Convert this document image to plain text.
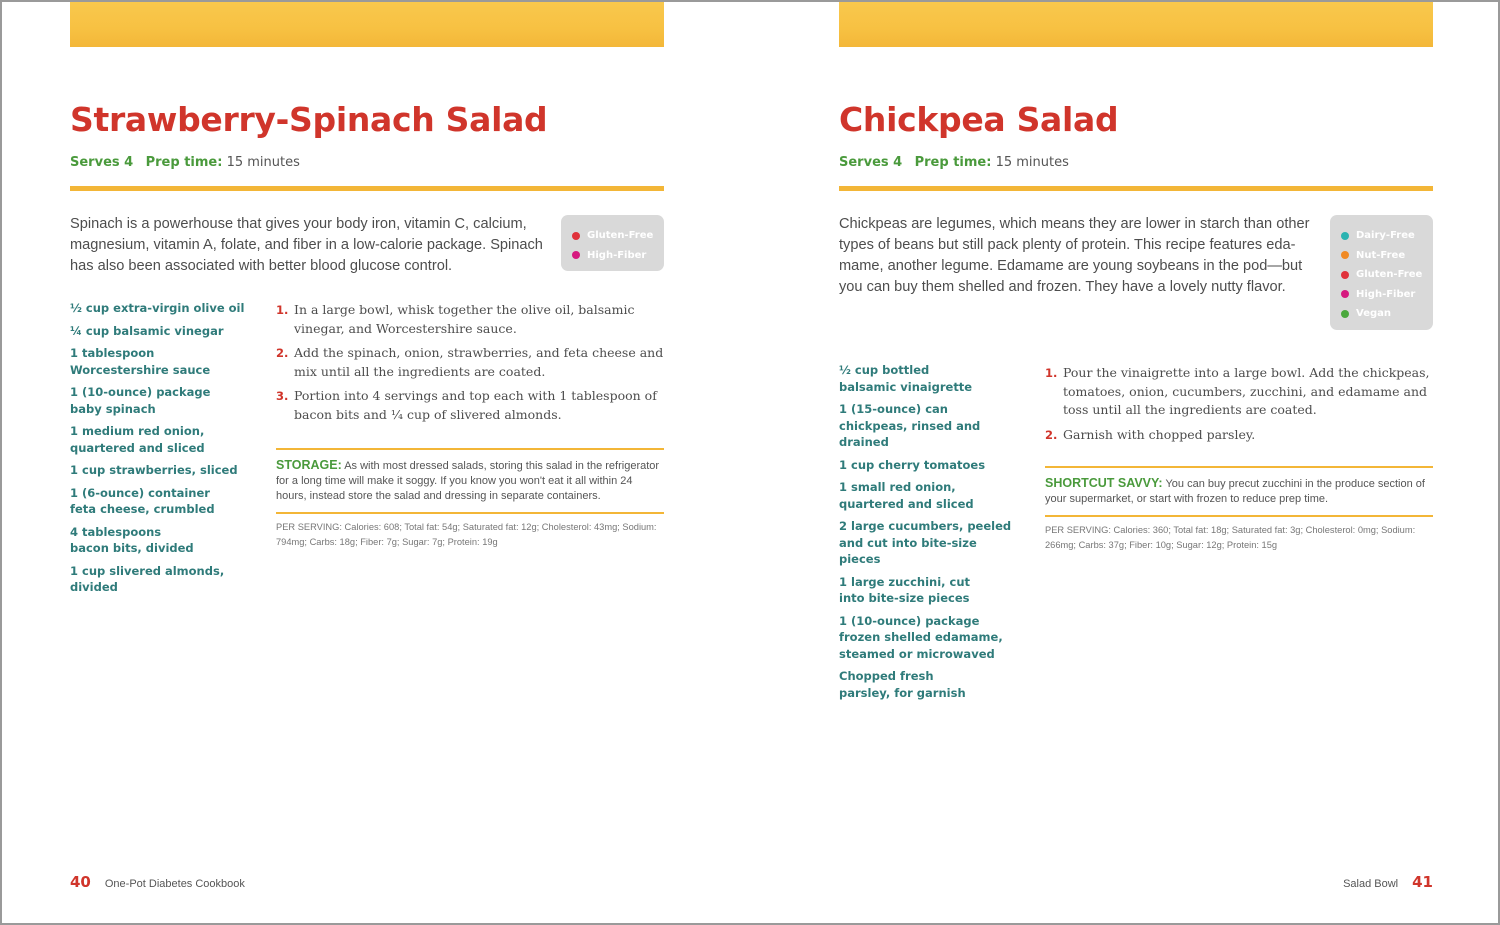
Strawberry-Spinach Salad
Serves 4 Prep time: 15 minutes
Spinach is a powerhouse that gives your body iron, vitamin C, calcium,
magnesium, vitamin A, folate, and fiber in a low-calorie package. Spinach
has also been associated with better blood glucose control.
Gluten-Free
High-Fiber
½ cup extra-virgin olive oil
¼ cup balsamic vinegar
1 tablespoon Worcestershire sauce
1 (10-ounce) package baby spinach
1 medium red onion, quartered and sliced
1 cup strawberries, sliced
1 (6-ounce) container feta cheese, crumbled
4 tablespoons bacon bits, divided
1 cup slivered almonds, divided
1. In a large bowl, whisk together the olive oil, balsamic vinegar, and Worcestershire sauce.
2. Add the spinach, onion, strawberries, and feta cheese and mix until all the ingredients are coated.
3. Portion into 4 servings and top each with 1 tablespoon of bacon bits and ¼ cup of slivered almonds.
STORAGE: As with most dressed salads, storing this salad in the refrigerator for a long time will make it soggy. If you know you won't eat it all within 24 hours, instead store the salad and dressing in separate containers.
PER SERVING: Calories: 608; Total fat: 54g; Saturated fat: 12g; Cholesterol: 43mg; Sodium: 794mg; Carbs: 18g; Fiber: 7g; Sugar: 7g; Protein: 19g
40 One-Pot Diabetes Cookbook
Chickpea Salad
Serves 4 Prep time: 15 minutes
Chickpeas are legumes, which means they are lower in starch than other
types of beans but still pack plenty of protein. This recipe features eda-
mame, another legume. Edamame are young soybeans in the pod—but
you can buy them shelled and frozen. They have a lovely nutty flavor.
Dairy-Free
Nut-Free
Gluten-Free
High-Fiber
Vegan
½ cup bottled balsamic vinaigrette
1 (15-ounce) can chickpeas, rinsed and drained
1 cup cherry tomatoes
1 small red onion, quartered and sliced
2 large cucumbers, peeled and cut into bite-size pieces
1 large zucchini, cut into bite-size pieces
1 (10-ounce) package frozen shelled edamame, steamed or microwaved
Chopped fresh parsley, for garnish
1. Pour the vinaigrette into a large bowl. Add the chickpeas, tomatoes, onion, cucumbers, zucchini, and edamame and toss until all the ingredients are coated.
2. Garnish with chopped parsley.
SHORTCUT SAVVY: You can buy precut zucchini in the produce section of your supermarket, or start with frozen to reduce prep time.
PER SERVING: Calories: 360; Total fat: 18g; Saturated fat: 3g; Cholesterol: 0mg; Sodium: 266mg; Carbs: 37g; Fiber: 10g; Sugar: 12g; Protein: 15g
Salad Bowl 41
